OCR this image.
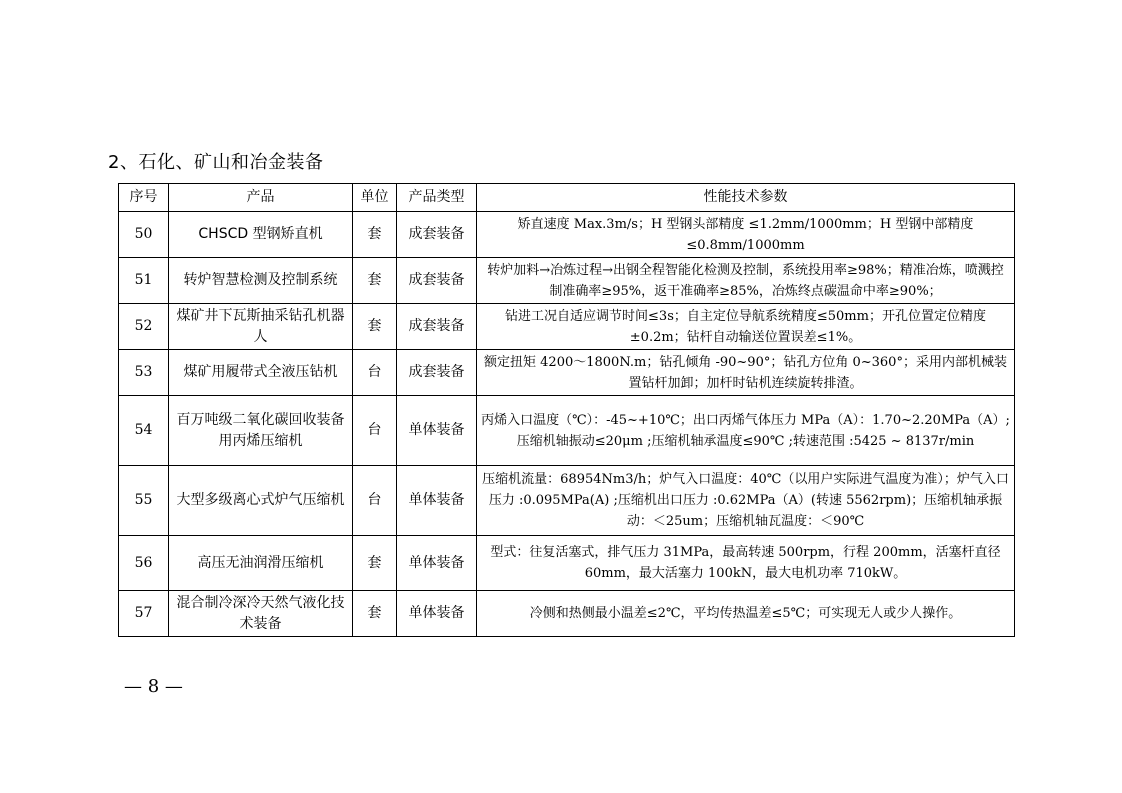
2、石化、矿山和冶金装备
序号	产品	单位	产品类型	性能技术参数
50	CHSCD 型钢矫直机	套	成套装备	矫直速度 Max.3m/s；H 型钢头部精度 ≤1.2mm/1000mm；H 型钢中部精度≤0.8mm/1000mm
51	转炉智慧检测及控制系统	套	成套装备	转炉加料→冶炼过程→出钢全程智能化检测及控制，系统投用率≥98%；精准冶炼，喷溅控制准确率≥95%，返干准确率≥85%，冶炼终点碳温命中率≥90%；
52	煤矿井下瓦斯抽采钻孔机器人	套	成套装备	钻进工况自适应调节时间≤3s；自主定位导航系统精度≤50mm；开孔位置定位精度±0.2m；钻杆自动输送位置误差≤1%。
53	煤矿用履带式全液压钻机	台	成套装备	额定扭矩 4200～1800N.m；钻孔倾角 -90~90°；钻孔方位角 0~360°；采用内部机械装置钻杆加卸；加杆时钻机连续旋转排渣。
54	百万吨级二氧化碳回收装备用丙烯压缩机	台	单体装备	丙烯入口温度（℃）：-45~+10℃；出口丙烯气体压力 MPa（A）：1.70~2.20MPa（A）;压缩机轴振动≤20μm ;压缩机轴承温度≤90℃ ;转速范围 :5425 ~ 8137r/min
55	大型多级离心式炉气压缩机	台	单体装备	压缩机流量：68954Nm3/h；炉气入口温度：40℃（以用户实际进气温度为准）；炉气入口压力 :0.095MPa(A) ;压缩机出口压力 :0.62MPa（A）(转速 5562rpm)；压缩机轴承振动：＜25um；压缩机轴瓦温度：＜90℃
56	高压无油润滑压缩机	套	单体装备	型式：往复活塞式，排气压力 31MPa，最高转速 500rpm，行程 200mm，活塞杆直径 60mm，最大活塞力 100kN，最大电机功率 710kW。
57	混合制冷深冷天然气液化技术装备	套	单体装备	冷侧和热侧最小温差≤2℃，平均传热温差≤5℃；可实现无人或少人操作。
— 8 —
